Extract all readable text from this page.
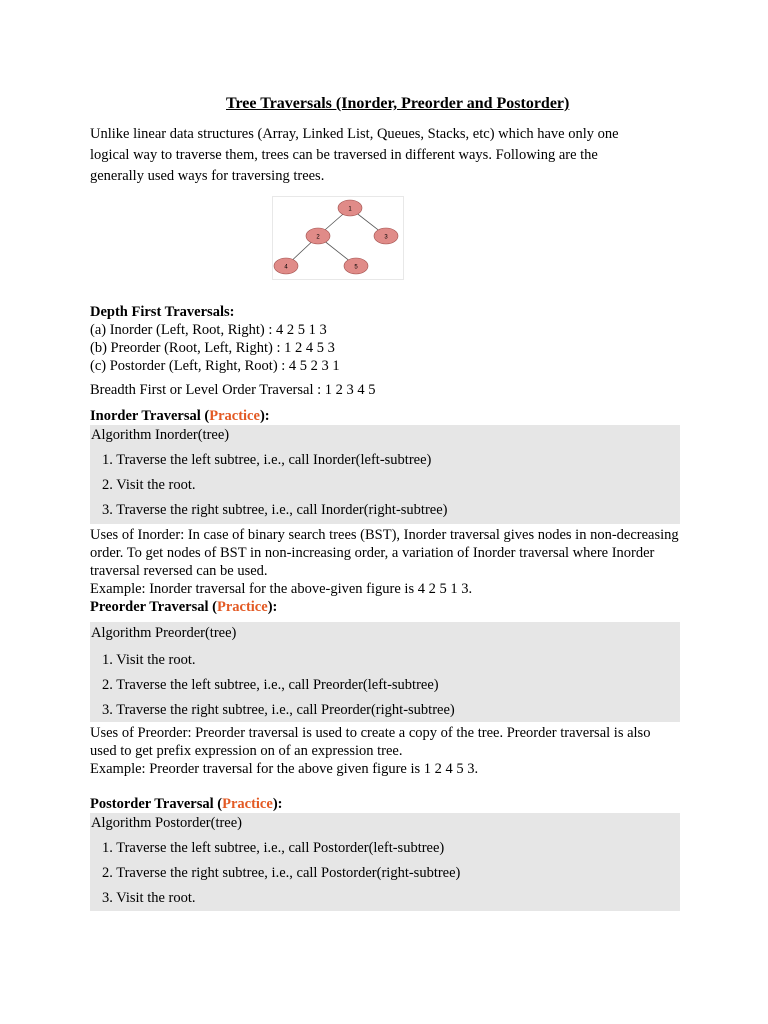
Tree Traversals (Inorder, Preorder and Postorder)
Unlike linear data structures (Array, Linked List, Queues, Stacks, etc) which have only one logical way to traverse them, trees can be traversed in different ways. Following are the generally used ways for traversing trees.
1
2	3
4	5
Depth First Traversals:
(a) Inorder (Left, Root, Right) : 4 2 5 1 3
(b) Preorder (Root, Left, Right) : 1 2 4 5 3
(c) Postorder (Left, Right, Root) : 4 5 2 3 1
Breadth First or Level Order Traversal : 1 2 3 4 5
Inorder Traversal (Practice):
Algorithm Inorder(tree)
1. Traverse the left subtree, i.e., call Inorder(left-subtree)
2. Visit the root.
3. Traverse the right subtree, i.e., call Inorder(right-subtree)
Uses of Inorder: In case of binary search trees (BST), Inorder traversal gives nodes in non-decreasing order. To get nodes of BST in non-increasing order, a variation of Inorder traversal where Inorder traversal reversed can be used.
Example: Inorder traversal for the above-given figure is 4 2 5 1 3.
Preorder Traversal (Practice):
Algorithm Preorder(tree)
1. Visit the root.
2. Traverse the left subtree, i.e., call Preorder(left-subtree)
3. Traverse the right subtree, i.e., call Preorder(right-subtree)
Uses of Preorder: Preorder traversal is used to create a copy of the tree. Preorder traversal is also used to get prefix expression on of an expression tree.
Example: Preorder traversal for the above given figure is 1 2 4 5 3.
Postorder Traversal (Practice):
Algorithm Postorder(tree)
1. Traverse the left subtree, i.e., call Postorder(left-subtree)
2. Traverse the right subtree, i.e., call Postorder(right-subtree)
3. Visit the root.
